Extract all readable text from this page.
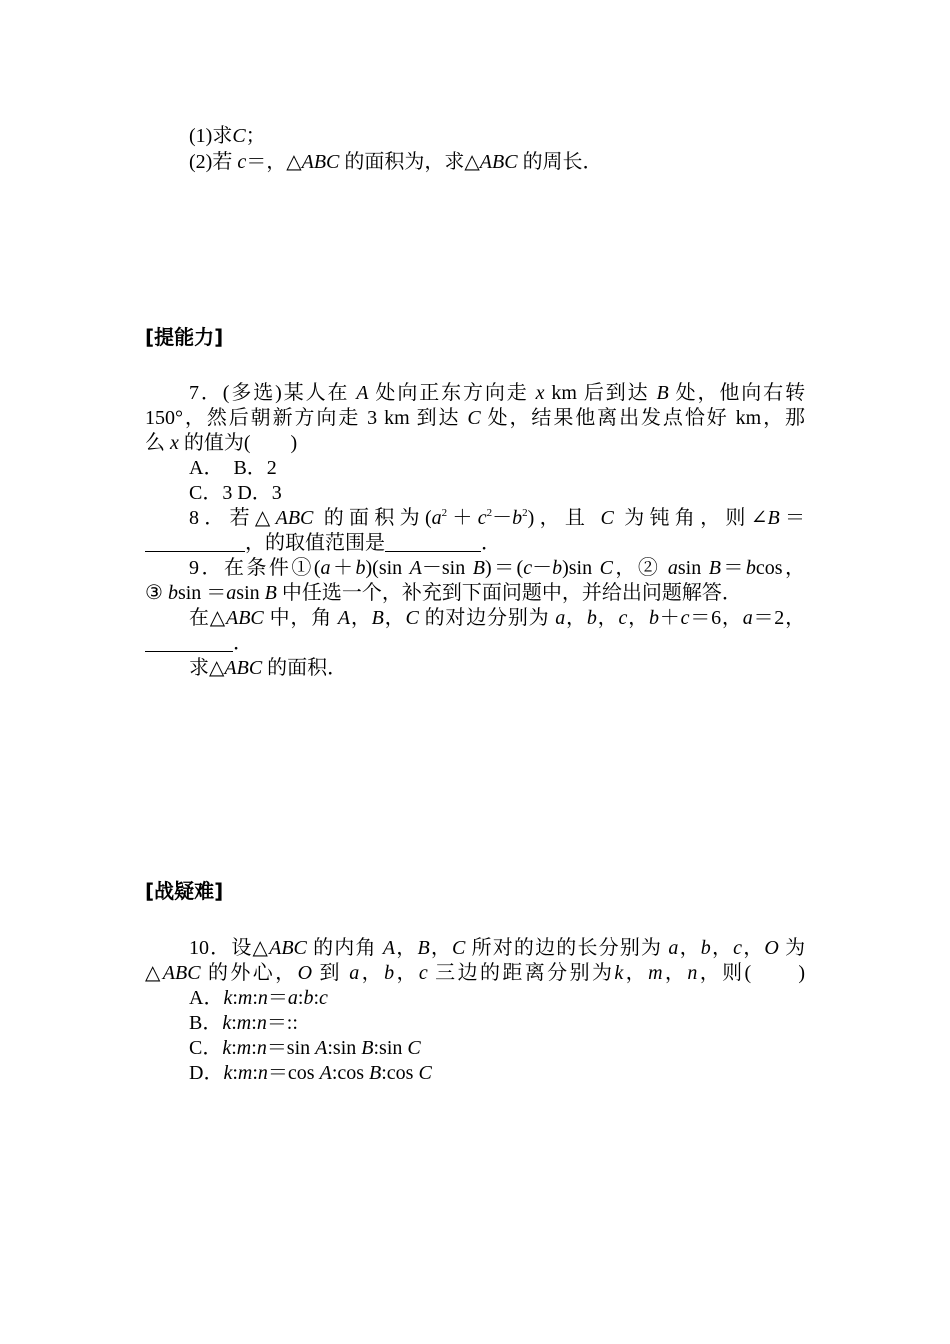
(1)求C；
(2)若 c＝，△ABC 的面积为，求△ABC 的周长．
[提能力]
7．(多选)某人在 A 处向正东方向走 x km 后到达 B 处，他向右转
150°，然后朝新方向走 3 km 到达 C 处，结果他离出发点恰好 km，那
么 x 的值为(　　)
A．　B．2
C．3 D．3
8．若△ABC 的面积为$(a^2+c^2-b^2)$，且 C 为钝角，则∠B＝
，的取值范围是	．
9．在条件①(a＋b)(sin A－sin B)＝(c－b)sin C，② asin B＝bcos，
③ bsin ＝asin B 中任选一个，补充到下面问题中，并给出问题解答．
在△ABC 中，角 A，B，C 的对边分别为 a，b，c，b＋c＝6，a＝2，
．
求△ABC 的面积．
[战疑难]
10．设△ABC 的内角 A，B，C 所对的边的长分别为 a，b，c，O 为
△ABC 的外心，O 到 a，b，c 三边的距离分别为k，m，n，则(　　)
A．k:m:n＝a:b:c
B．k:m:n＝::
C．k:m:n＝sin A:sin B:sin C
D．k:m:n＝cos A:cos B:cos C
